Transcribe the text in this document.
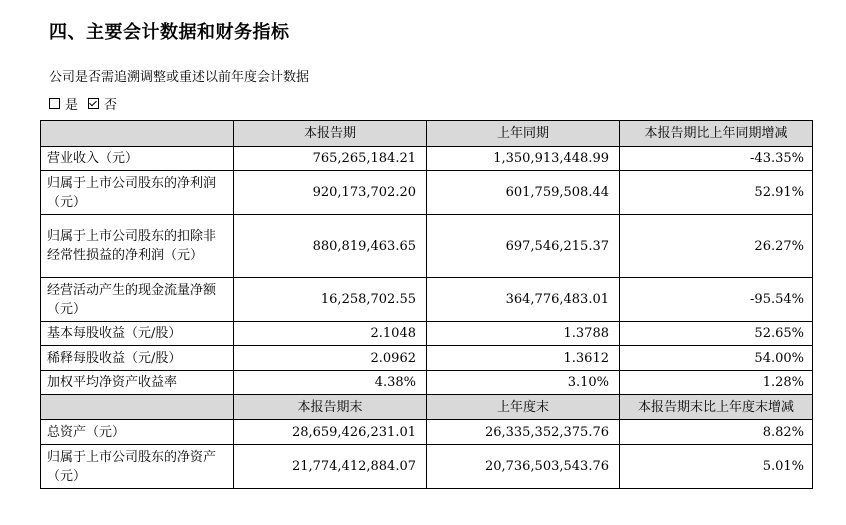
四、主要会计数据和财务指标
公司是否需追溯调整或重述以前年度会计数据
是 否
	本报告期	上年同期	本报告期比上年同期增减
营业收入（元）	765,265,184.21	1,350,913,448.99	-43.35%
归属于上市公司股东的净利润（元）	920,173,702.20	601,759,508.44	52.91%
归属于上市公司股东的扣除非经常性损益的净利润（元）	880,819,463.65	697,546,215.37	26.27%
经营活动产生的现金流量净额（元）	16,258,702.55	364,776,483.01	-95.54%
基本每股收益（元/股）	2.1048	1.3788	52.65%
稀释每股收益（元/股）	2.0962	1.3612	54.00%
加权平均净资产收益率	4.38%	3.10%	1.28%
	本报告期末	上年度末	本报告期末比上年度末增减
总资产（元）	28,659,426,231.01	26,335,352,375.76	8.82%
归属于上市公司股东的净资产（元）	21,774,412,884.07	20,736,503,543.76	5.01%
